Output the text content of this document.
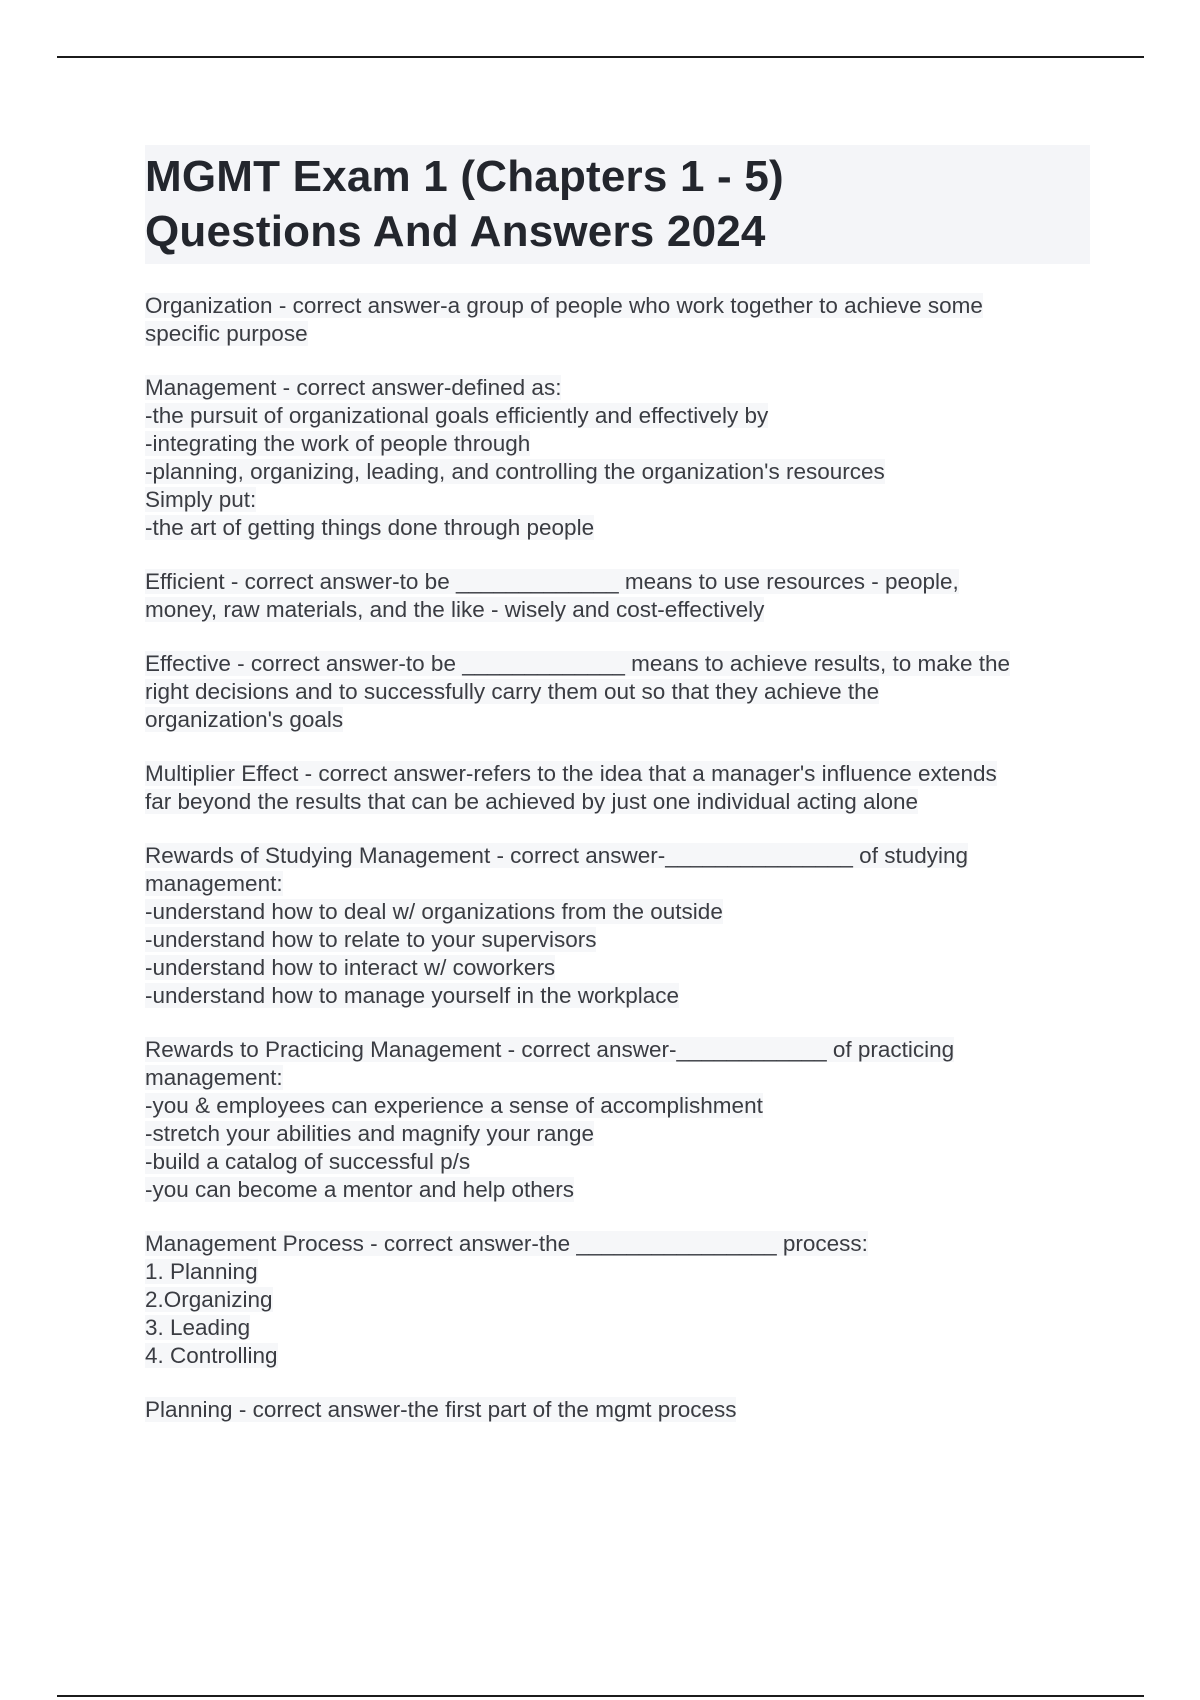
MGMT Exam 1 (Chapters 1 - 5)
Questions And Answers 2024
Organization - correct answer-a group of people who work together to achieve some
specific purpose
Management - correct answer-defined as:
-the pursuit of organizational goals efficiently and effectively by
-integrating the work of people through
-planning, organizing, leading, and controlling the organization's resources
Simply put:
-the art of getting things done through people
Efficient - correct answer-to be _____________ means to use resources - people,
money, raw materials, and the like - wisely and cost-effectively
Effective - correct answer-to be _____________ means to achieve results, to make the
right decisions and to successfully carry them out so that they achieve the
organization's goals
Multiplier Effect - correct answer-refers to the idea that a manager's influence extends
far beyond the results that can be achieved by just one individual acting alone
Rewards of Studying Management - correct answer-_______________ of studying
management:
-understand how to deal w/ organizations from the outside
-understand how to relate to your supervisors
-understand how to interact w/ coworkers
-understand how to manage yourself in the workplace
Rewards to Practicing Management - correct answer-____________ of practicing
management:
-you & employees can experience a sense of accomplishment
-stretch your abilities and magnify your range
-build a catalog of successful p/s
-you can become a mentor and help others
Management Process - correct answer-the ________________ process:
1. Planning
2.Organizing
3. Leading
4. Controlling
Planning - correct answer-the first part of the mgmt process
